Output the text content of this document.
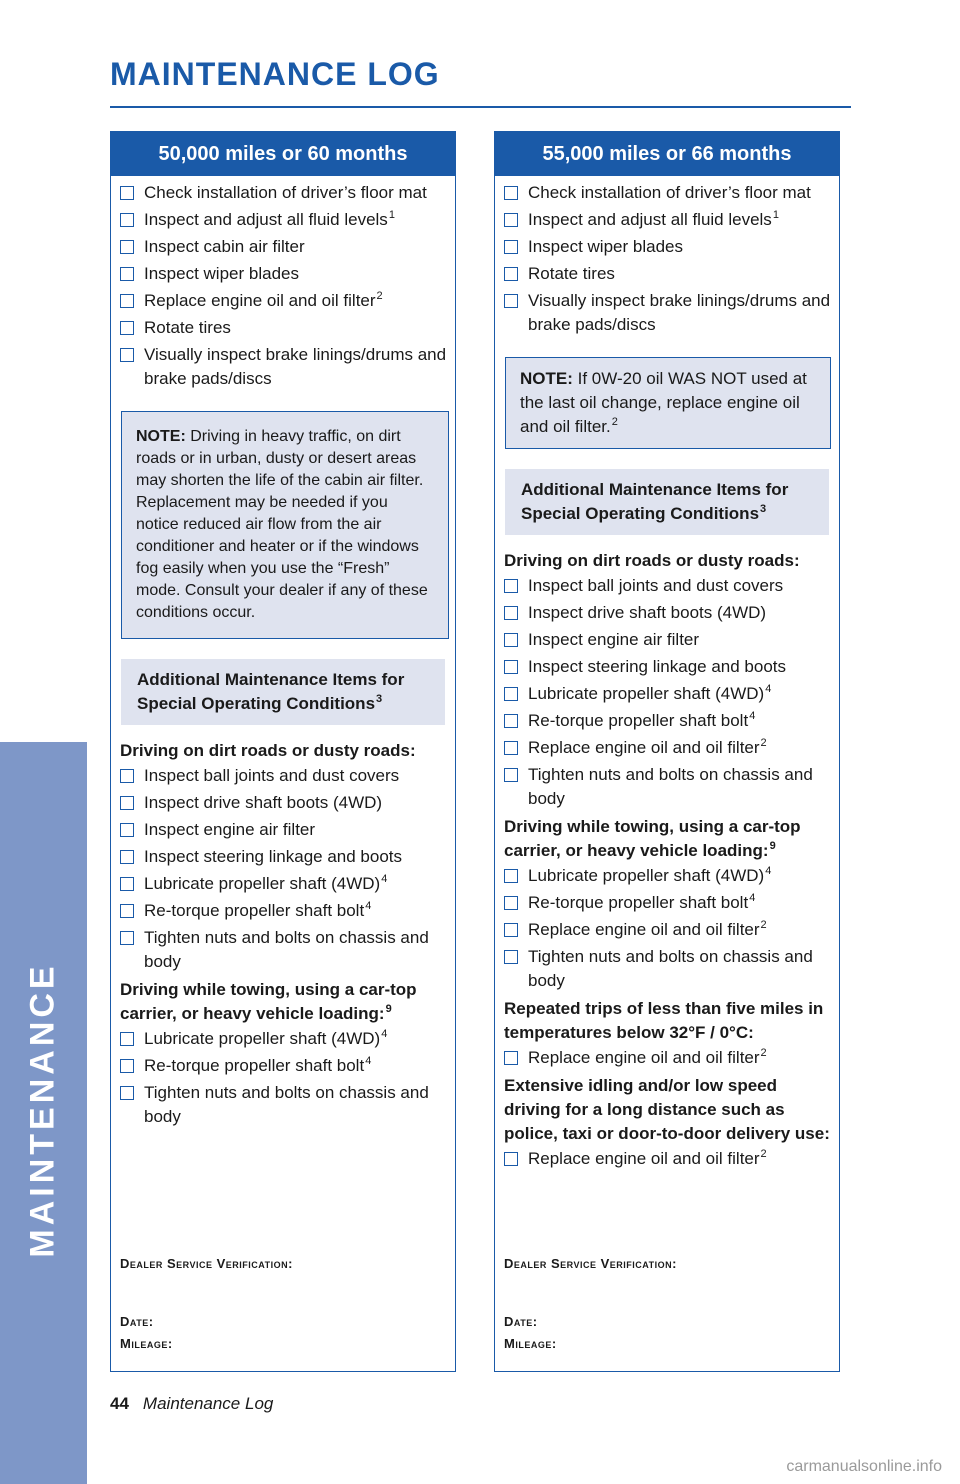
MAINTENANCE LOG
MAINTENANCE
50,000 miles or 60 months
Check installation of driver’s floor mat
Inspect and adjust all fluid levels$^1$
Inspect cabin air filter
Inspect wiper blades
Replace engine oil and oil filter$^2$
Rotate tires
Visually inspect brake linings/drums and brake pads/discs
NOTE: Driving in heavy traffic, on dirt roads or in urban, dusty or desert areas may shorten the life of the cabin air filter. Replacement may be needed if you notice reduced air flow from the air conditioner and heater or if the windows fog easily when you use the “Fresh” mode. Consult your dealer if any of these conditions occur.
Additional Maintenance Items for Special Operating Conditions$^3$
Driving on dirt roads or dusty roads:
Inspect ball joints and dust covers
Inspect drive shaft boots (4WD)
Inspect engine air filter
Inspect steering linkage and boots
Lubricate propeller shaft $(4WD)^4$
Re-torque propeller shaft bolt$^4$
Tighten nuts and bolts on chassis and body
Driving while towing, using a car-top carrier, or heavy vehicle loading:$^9$
Lubricate propeller shaft $(4WD)^4$
Re-torque propeller shaft bolt$^4$
Tighten nuts and bolts on chassis and body
Dealer Service Verification:
Date:
Mileage:
55,000 miles or 66 months
Check installation of driver’s floor mat
Inspect and adjust all fluid levels$^1$
Inspect wiper blades
Rotate tires
Visually inspect brake linings/drums and brake pads/discs
NOTE: If 0W-20 oil WAS NOT used at the last oil change, replace engine oil and oil filter.$^2$
Additional Maintenance Items for Special Operating Conditions$^3$
Driving on dirt roads or dusty roads:
Inspect ball joints and dust covers
Inspect drive shaft boots (4WD)
Inspect engine air filter
Inspect steering linkage and boots
Lubricate propeller shaft $(4WD)^4$
Re-torque propeller shaft bolt$^4$
Replace engine oil and oil filter$^2$
Tighten nuts and bolts on chassis and body
Driving while towing, using a car-top carrier, or heavy vehicle loading:$^9$
Lubricate propeller shaft $(4WD)^4$
Re-torque propeller shaft bolt$^4$
Replace engine oil and oil filter$^2$
Tighten nuts and bolts on chassis and body
Repeated trips of less than five miles in temperatures below 32°F / 0°C:
Replace engine oil and oil filter$^2$
Extensive idling and/or low speed driving for a long distance such as police, taxi or door-to-door delivery use:
Replace engine oil and oil filter$^2$
Dealer Service Verification:
Date:
Mileage:
44 Maintenance Log
carmanualsonline.info
